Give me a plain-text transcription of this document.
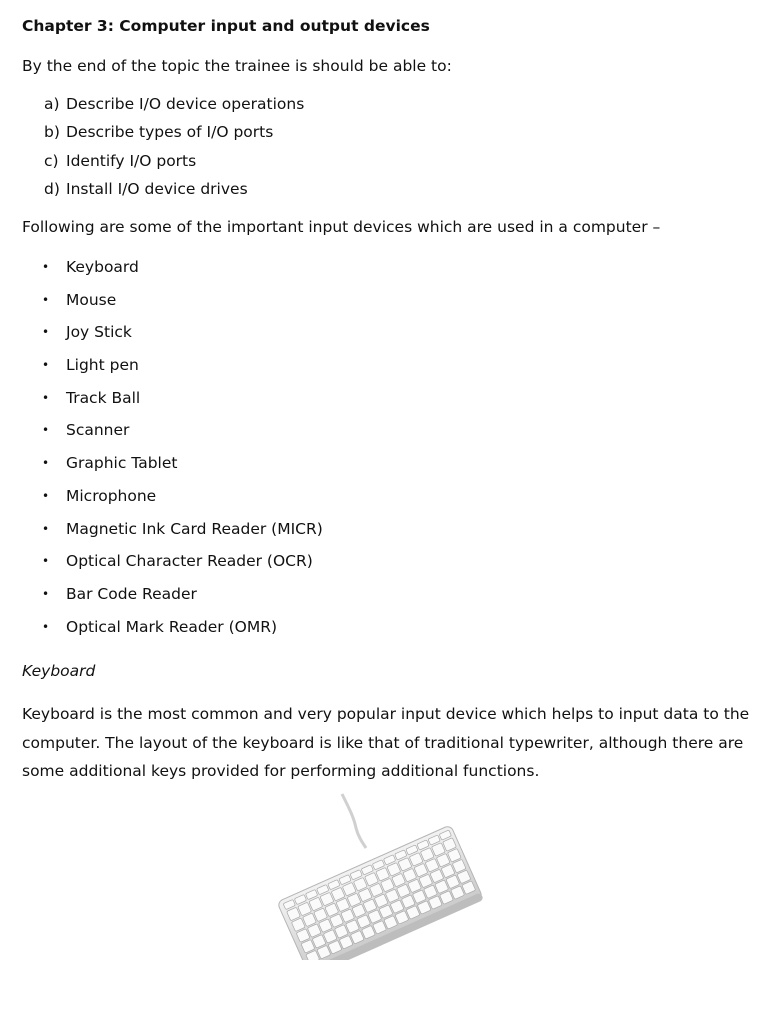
Chapter 3: Computer input and output devices
By the end of the topic the trainee is should be able to:
a) Describe I/O device operations
b) Describe types of I/O ports
c) Identify I/O ports
d) Install I/O device drives
Following are some of the important input devices which are used in a computer –
•	Keyboard
•	Mouse
•	Joy Stick
•	Light pen
•	Track Ball
•	Scanner
•	Graphic Tablet
•	Microphone
•	Magnetic Ink Card Reader (MICR)
•	Optical Character Reader (OCR)
•	Bar Code Reader
•	Optical Mark Reader (OMR)
Keyboard
Keyboard is the most common and very popular input device which helps to input data to the
computer. The layout of the keyboard is like that of traditional typewriter, although there are
some additional keys provided for performing additional functions.
